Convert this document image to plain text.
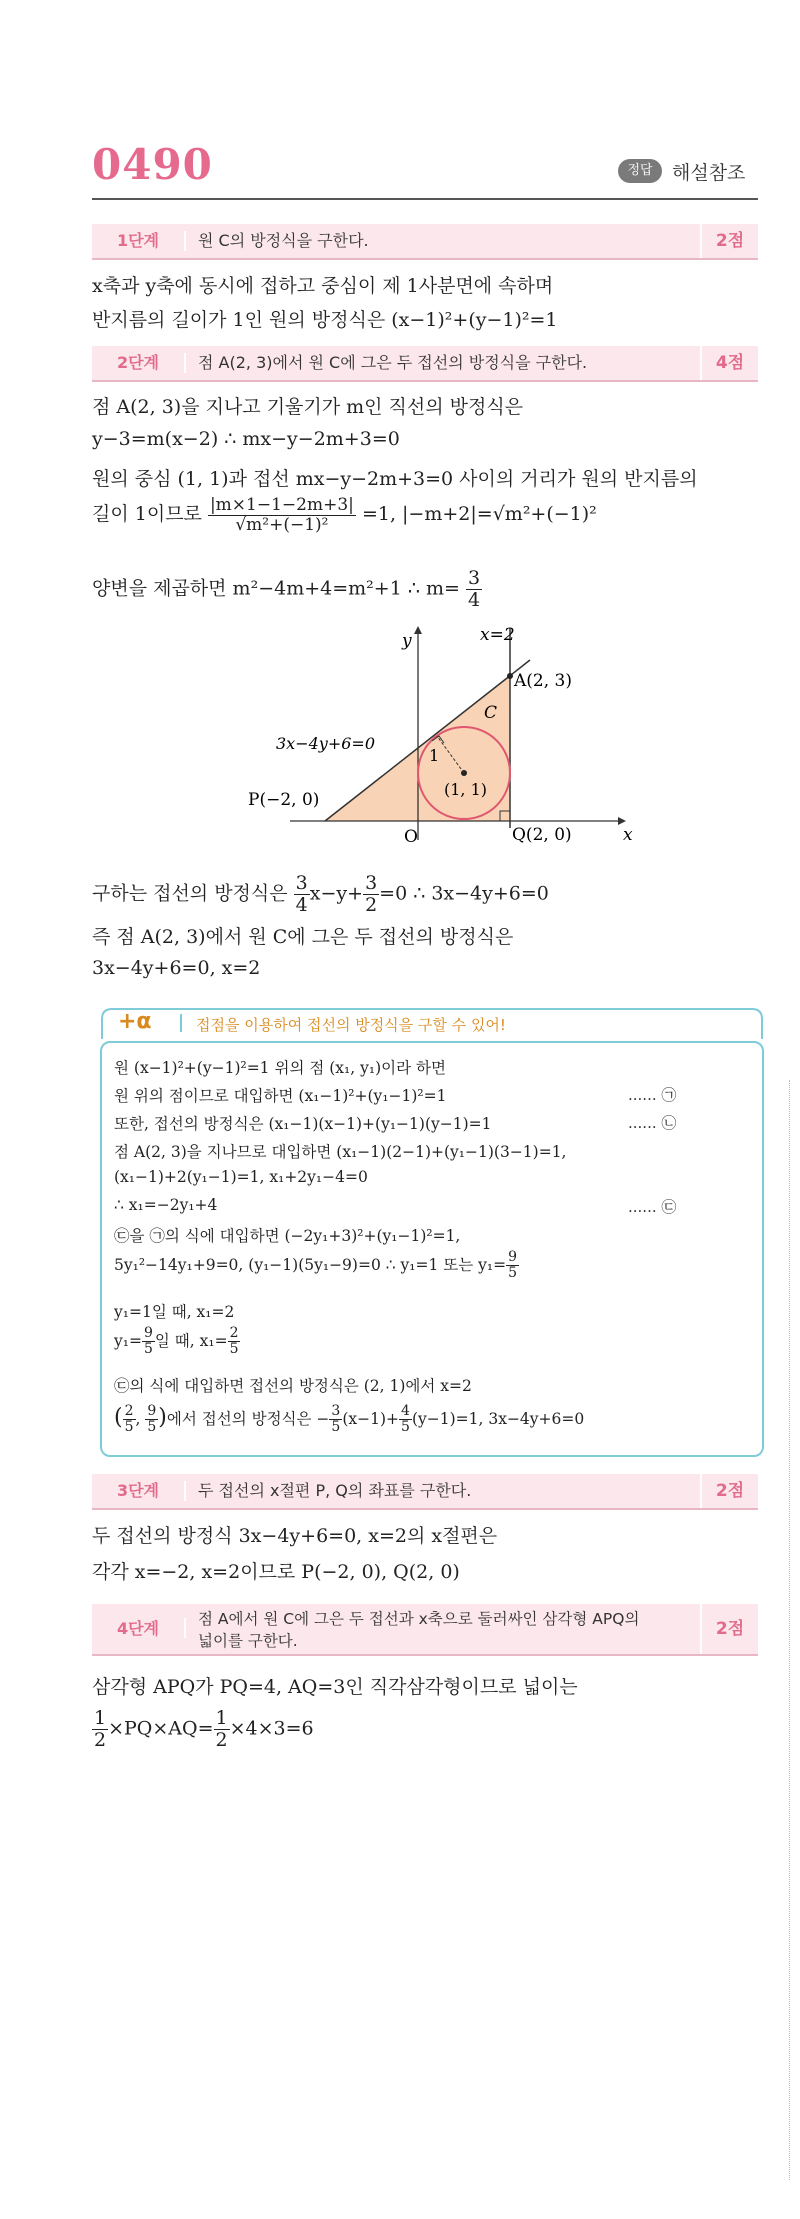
0490	정답	해설참조
1단계	원 C의 방정식을 구한다.	2점
x축과 y축에 동시에 접하고 중심이 제 1사분면에 속하며
반지름의 길이가 1인 원의 방정식은 (x−1)²+(y−1)²=1
2단계	점 A(2, 3)에서 원 C에 그은 두 접선의 방정식을 구한다.	4점
점 A(2, 3)을 지나고 기울기가 m인 직선의 방정식은
y−3=m(x−2) ∴ mx−y−2m+3=0
원의 중심 (1, 1)과 접선 mx−y−2m+3=0 사이의 거리가 원의 반지름의
길이 1이므로 $\frac{|m\times 1-1-2m+3|}{\text{√m²+(−1)²}} =1$, |−m+2|=√m²+(−1)²
양변을 제곱하면 m²−4m+4=m²+1 ∴ $m= \frac{3}{4}$
y
x
O
x=2
A(2, 3)
C
3x−4y+6=0
1
(1, 1)
P(−2, 0)
Q(2, 0)
구하는 접선의 방정식은 $\frac{3}{4} x-y+ \frac{3}{2} =0$ ∴ 3x−4y+6=0
즉 점 A(2, 3)에서 원 C에 그은 두 접선의 방정식은
3x−4y+6=0, x=2
+α	접점을 이용하여 접선의 방정식을 구할 수 있어!
원 (x−1)²+(y−1)²=1 위의 점 (x₁, y₁)이라 하면
원 위의 점이므로 대입하면 (x₁−1)²+(y₁−1)²=1	...... ㉠
또한, 접선의 방정식은 (x₁−1)(x−1)+(y₁−1)(y−1)=1	...... ㉡
점 A(2, 3)을 지나므로 대입하면 (x₁−1)(2−1)+(y₁−1)(3−1)=1,
(x₁−1)+2(y₁−1)=1, x₁+2y₁−4=0
∴ x₁=−2y₁+4	...... ㉢
㉢을 ㉠의 식에 대입하면 (−2y₁+3)²+(y₁−1)²=1,
5y₁²−14y₁+9=0, (y₁−1)(5y₁−9)=0 ∴ y₁=1 또는 $y_1= \frac{9}{5}$
y₁=1일 때, x₁=2
$y_1= \frac{9}{5}$ 일 때, $x_1= \frac{2}{5}$
㉢의 식에 대입하면 접선의 방정식은 (2, 1)에서 x=2
( $\frac{2}{5}$ , $\frac{9}{5}$ )에서 접선의 방정식은 − $\frac{3}{5} (x-1)+ \frac{4}{5} (y-1)=1$, 3x−4y+6=0
3단계	두 접선의 x절편 P, Q의 좌표를 구한다.	2점
두 접선의 방정식 3x−4y+6=0, x=2의 x절편은
각각 x=−2, x=2이므로 P(−2, 0), Q(2, 0)
4단계	점 A에서 원 C에 그은 두 접선과 x축으로 둘러싸인 삼각형 APQ의
넓이를 구한다.
2점
삼각형 APQ가 PQ=4, AQ=3인 직각삼각형이므로 넓이는
$\frac{1}{2} \times PQ\times AQ= \frac{1}{2} \times 4\times 3=6$
